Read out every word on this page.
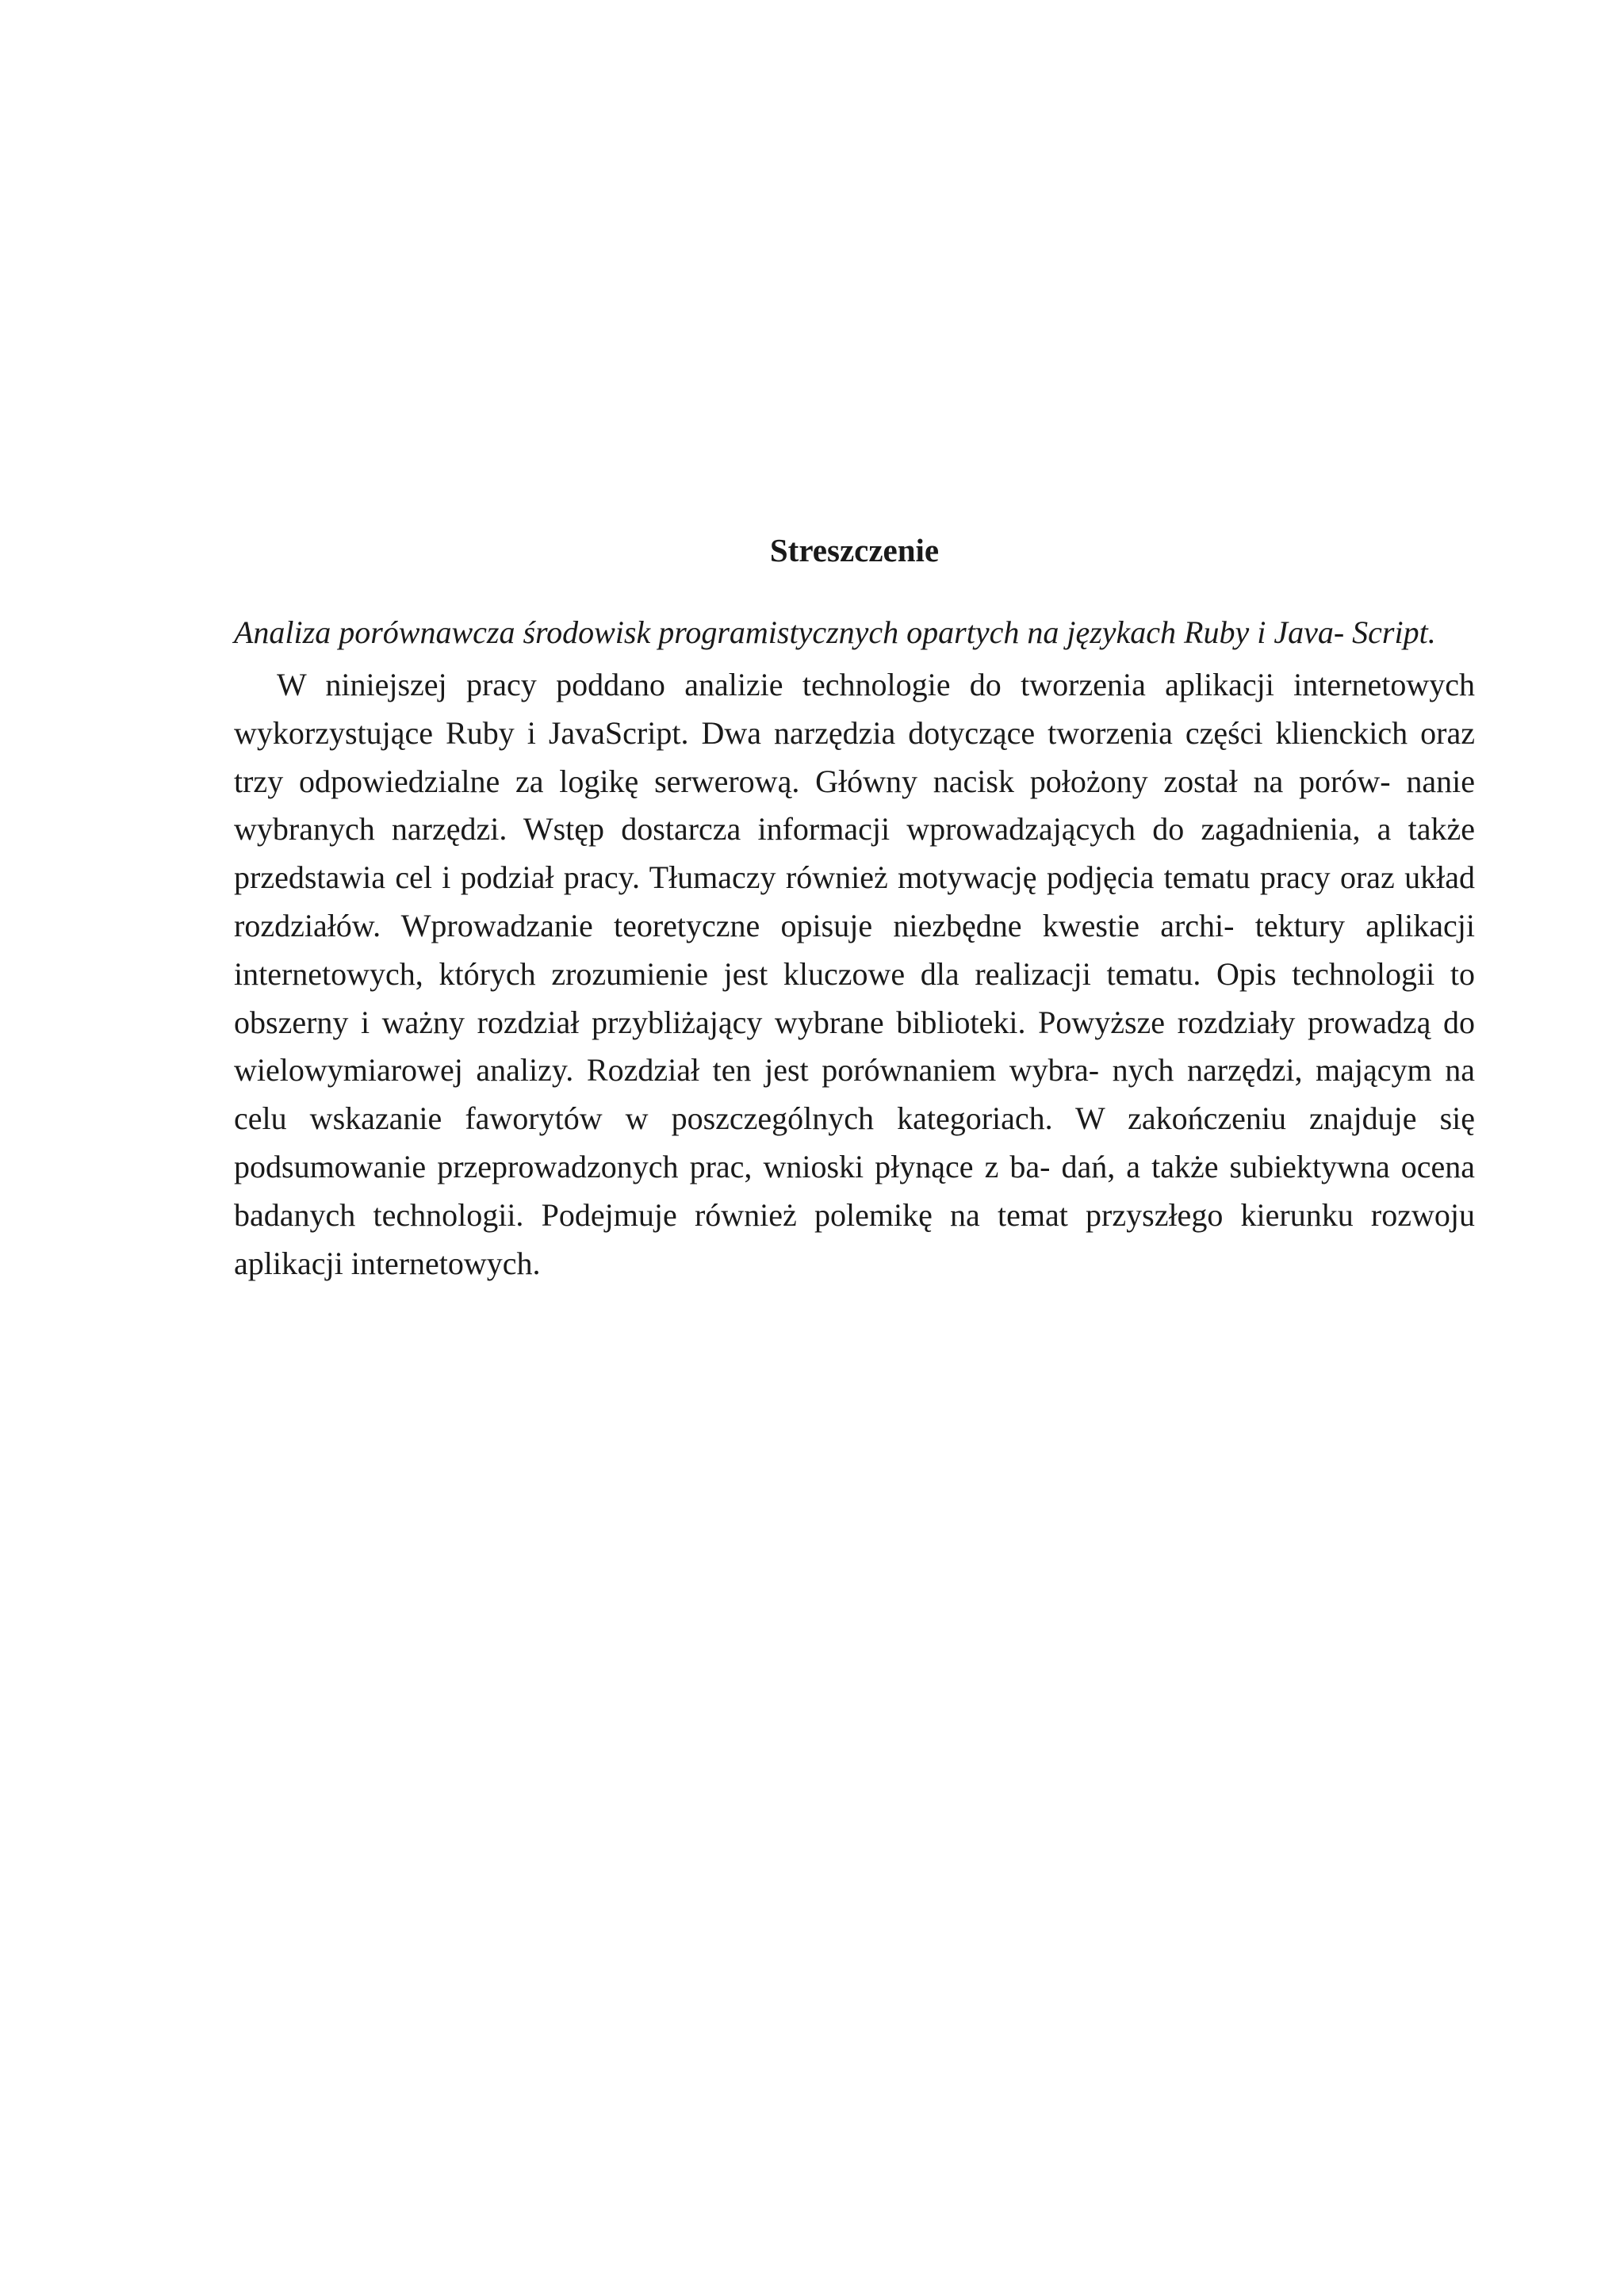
Streszczenie

Analiza porównawcza środowisk programistycznych opartych na językach Ruby i Java- Script.

W niniejszej pracy poddano analizie technologie do tworzenia aplikacji internetowych wykorzystujące Ruby i JavaScript. Dwa narzędzia dotyczące tworzenia części klienckich oraz trzy odpowiedzialne za logikę serwerową. Główny nacisk położony został na porów- nanie wybranych narzędzi. Wstęp dostarcza informacji wprowadzających do zagadnienia, a także przedstawia cel i podział pracy. Tłumaczy również motywację podjęcia tematu pracy oraz układ rozdziałów. Wprowadzanie teoretyczne opisuje niezbędne kwestie archi- tektury aplikacji internetowych, których zrozumienie jest kluczowe dla realizacji tematu. Opis technologii to obszerny i ważny rozdział przybliżający wybrane biblioteki. Powyższe rozdziały prowadzą do wielowymiarowej analizy. Rozdział ten jest porównaniem wybra- nych narzędzi, mającym na celu wskazanie faworytów w poszczególnych kategoriach. W zakończeniu znajduje się podsumowanie przeprowadzonych prac, wnioski płynące z ba- dań, a także subiektywna ocena badanych technologii. Podejmuje również polemikę na temat przyszłego kierunku rozwoju aplikacji internetowych.
